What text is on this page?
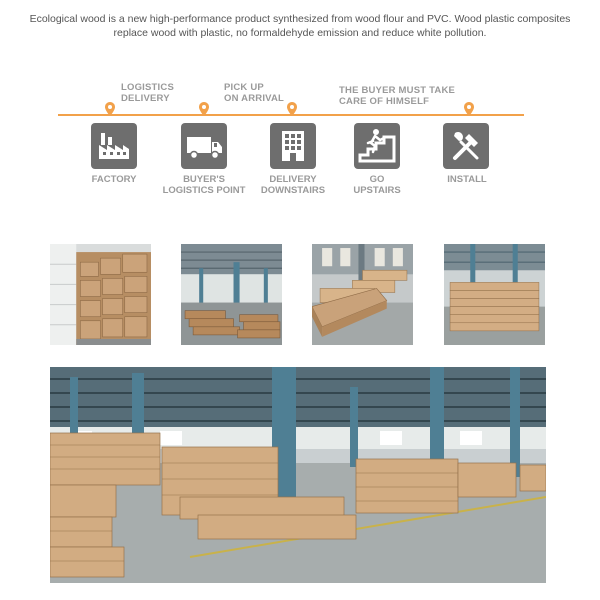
Ecological wood is a new high-performance product synthesized from wood flour and PVC. Wood plastic composites
replace wood with plastic, no formaldehyde emission and reduce white pollution.
LOGISTICS
DELIVERY
PICK UP
ON ARRIVAL
THE BUYER MUST TAKE
CARE OF HIMSELF
FACTORY	BUYER'S
LOGISTICS POINT
DELIVERY
DOWNSTAIRS
GO
UPSTAIRS
INSTALL
